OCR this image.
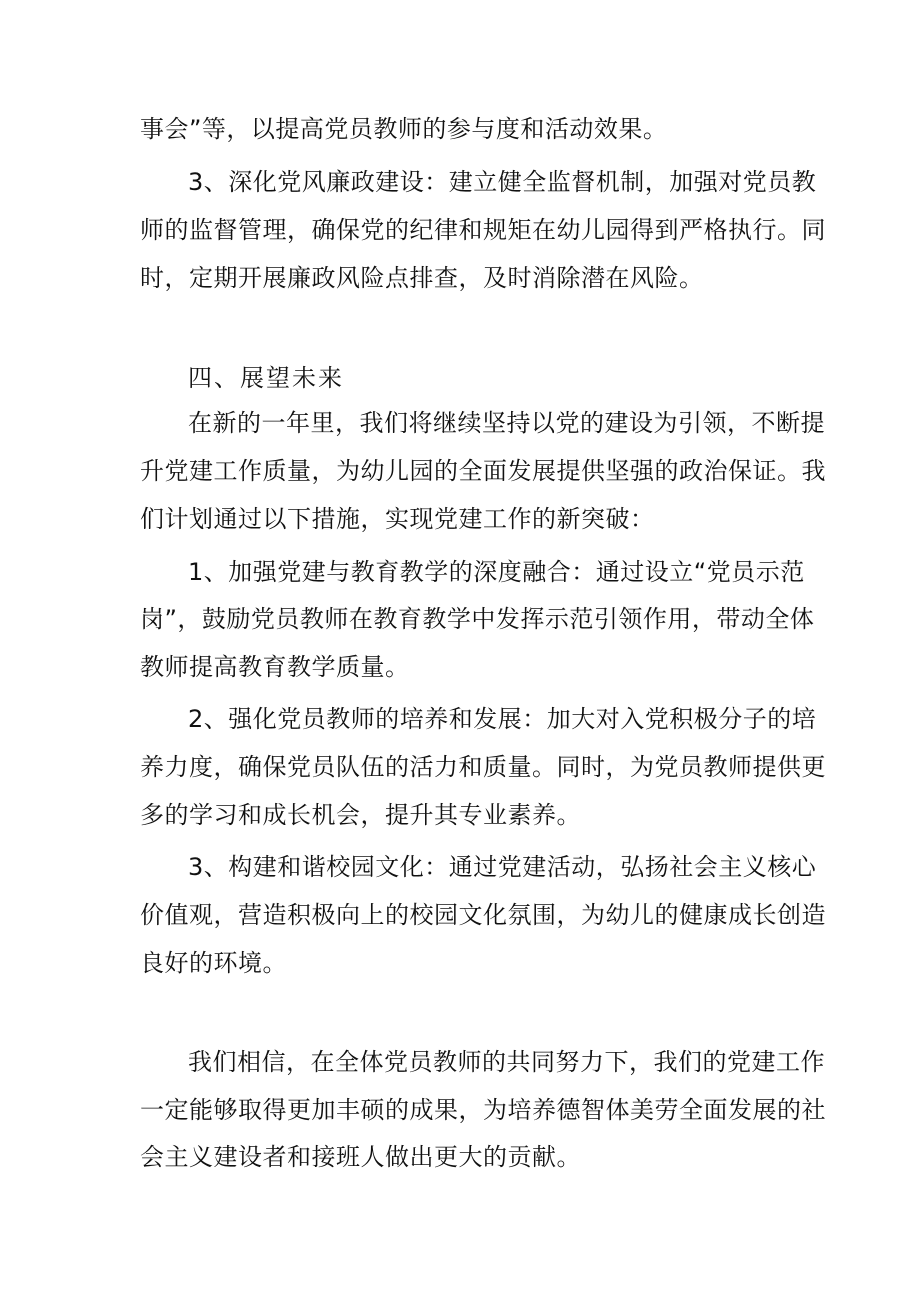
事会”等，以提高党员教师的参与度和活动效果。
3、深化党风廉政建设：建立健全监督机制，加强对党员教
师的监督管理，确保党的纪律和规矩在幼儿园得到严格执行。同
时，定期开展廉政风险点排查，及时消除潜在风险。
四、展望未来
在新的一年里，我们将继续坚持以党的建设为引领，不断提
升党建工作质量，为幼儿园的全面发展提供坚强的政治保证。我
们计划通过以下措施，实现党建工作的新突破：
1、加强党建与教育教学的深度融合：通过设立“党员示范
岗”，鼓励党员教师在教育教学中发挥示范引领作用，带动全体
教师提高教育教学质量。
2、强化党员教师的培养和发展：加大对入党积极分子的培
养力度，确保党员队伍的活力和质量。同时，为党员教师提供更
多的学习和成长机会，提升其专业素养。
3、构建和谐校园文化：通过党建活动，弘扬社会主义核心
价值观，营造积极向上的校园文化氛围，为幼儿的健康成长创造
良好的环境。
我们相信，在全体党员教师的共同努力下，我们的党建工作
一定能够取得更加丰硕的成果，为培养德智体美劳全面发展的社
会主义建设者和接班人做出更大的贡献。
